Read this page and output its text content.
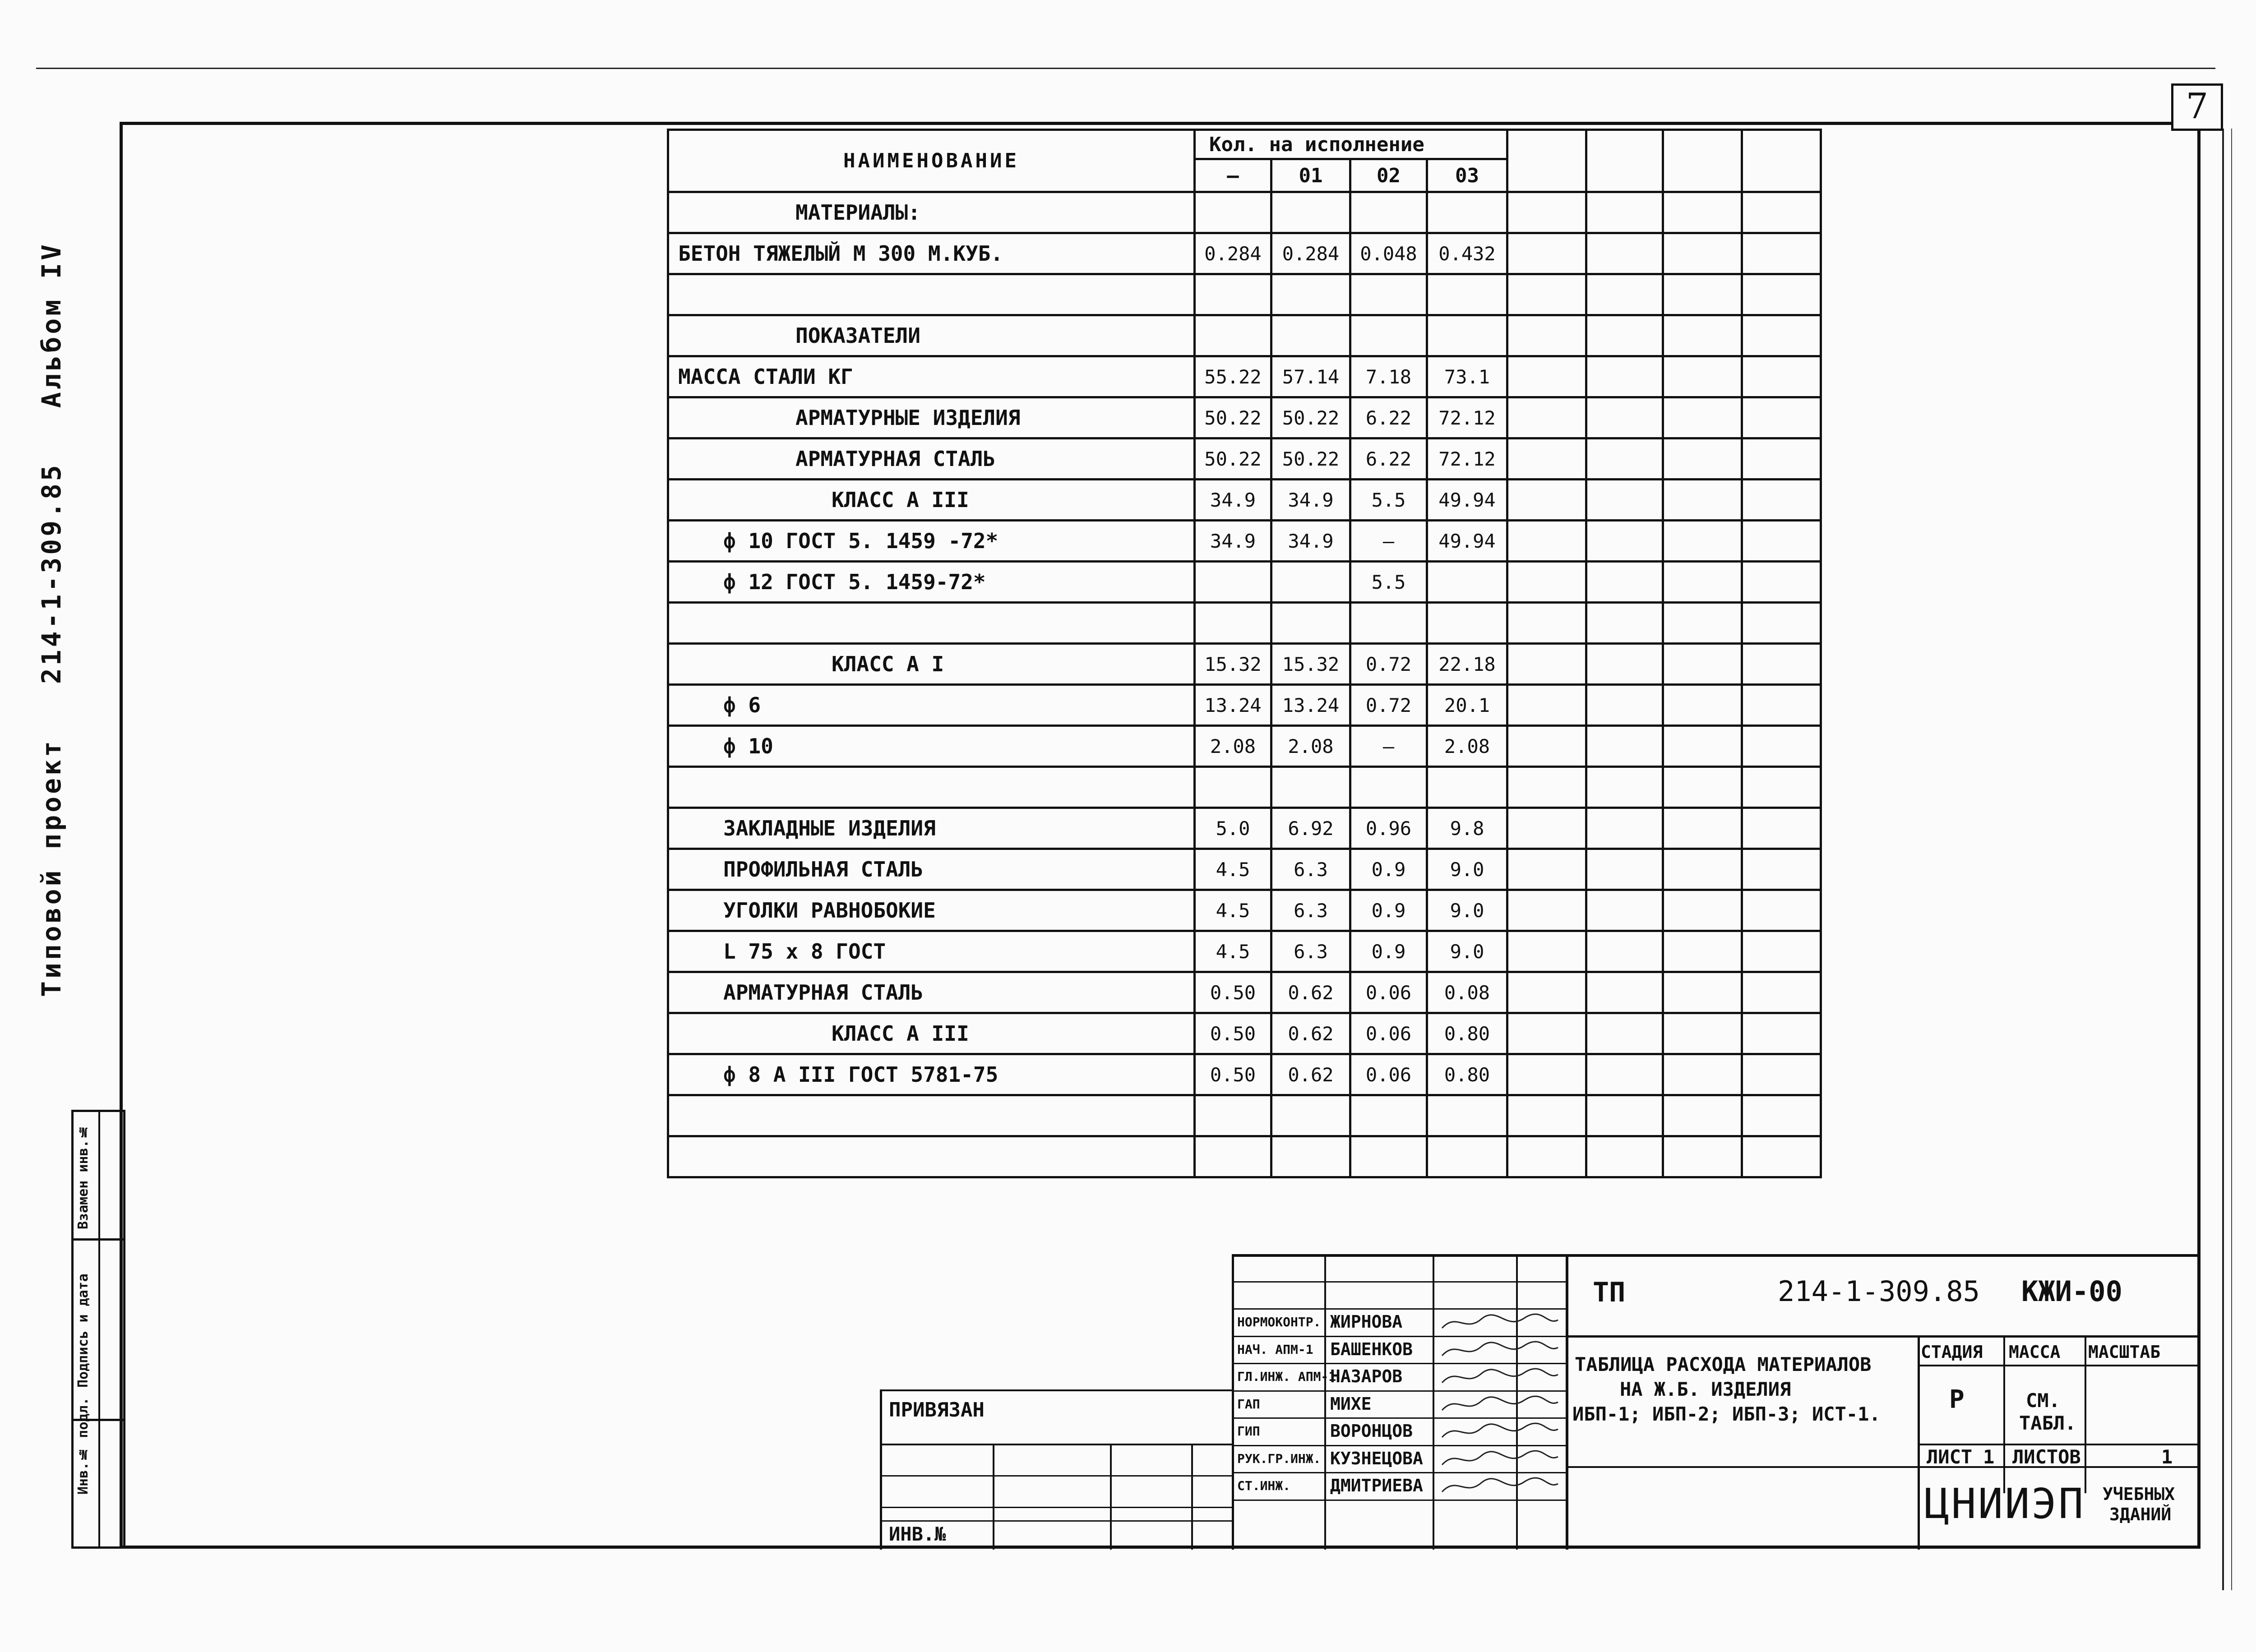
7
Типовой проект 214-1-309.85 Альбом IV
Инв.№ подл.
Подпись и дата
Взамен инв.№
НАИМЕНОВАНИЕ	Кол. на исполнение							
	—	01	02	03				
МАТЕРИАЛЫ:								
БЕТОН ТЯЖЕЛЫЙ М 300 М.КУБ.	0.284	0.284	0.048	0.432				

ПОКАЗАТЕЛИ								
МАССА СТАЛИ КГ	55.22	57.14	7.18	73.1				
АРМАТУРНЫЕ ИЗДЕЛИЯ	50.22	50.22	6.22	72.12				
АРМАТУРНАЯ СТАЛЬ	50.22	50.22	6.22	72.12				
КЛАСС А III	34.9	34.9	5.5	49.94				
ф 10 ГОСТ 5. 1459 -72*	34.9	34.9	—	49.94				
ф 12 ГОСТ 5. 1459-72*			5.5					

КЛАСС А I	15.32	15.32	0.72	22.18				
ф 6	13.24	13.24	0.72	20.1				
ф 10	2.08	2.08	—	2.08				

ЗАКЛАДНЫЕ ИЗДЕЛИЯ	5.0	6.92	0.96	9.8				
ПРОФИЛЬНАЯ СТАЛЬ	4.5	6.3	0.9	9.0				
УГОЛКИ РАВНОБОКИЕ	4.5	6.3	0.9	9.0				
L 75 x 8 ГОСТ	4.5	6.3	0.9	9.0				
АРМАТУРНАЯ СТАЛЬ	0.50	0.62	0.06	0.08				
КЛАСС А III	0.50	0.62	0.06	0.80				
ф 8 А III ГОСТ 5781-75	0.50	0.62	0.06	0.80				

ПРИВЯЗАН
ИНВ.№
ТП	214-1-309.85 КЖИ-00
ТАБЛИЦА РАСХОДА МАТЕРИАЛОВ
НА Ж.Б. ИЗДЕЛИЯ
ИБП-1; ИБП-2; ИБП-3; ИСТ-1.
СТАДИЯ МАССА МАСШТАБ
Р	СМ.
ТАБЛ.
ЛИСТ 1 ЛИСТОВ	1
ЦНИИЭП УЧЕБНЫХ
ЗДАНИЙ
НОРМОКОНТР. ЖИРНОВА
НАЧ. АПМ-1 БАШЕНКОВ
ГЛ.ИНЖ. АПМ-1
НАЗАРОВ
ГАП	МИХЕ
ГИП	ВОРОНЦОВ
РУК.ГР.ИНЖ. КУЗНЕЦОВА
СТ.ИНЖ. ДМИТРИЕВА
